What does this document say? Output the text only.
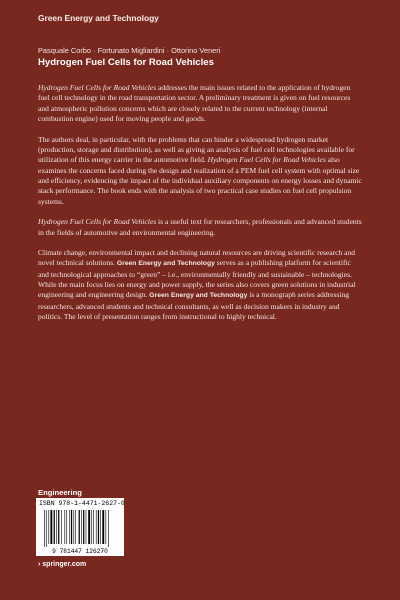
Green Energy and Technology
Pasquale Corbo · Fortunato Migliardini · Ottorino Veneri
Hydrogen Fuel Cells for Road Vehicles

Hydrogen Fuel Cells for Road Vehicles addresses the main issues related to the application of hydrogen fuel cell technology in the road transportation sector. A preliminary treatment is given on fuel resources and atmospheric pollution concerns which are closely related to the current technology (internal combustion engine) used for moving people and goods.

The authors deal, in particular, with the problems that can hinder a widespread hydrogen market (production, storage and distribution), as well as giving an analysis of fuel cell technologies available for utilization of this energy carrier in the automotive field. Hydrogen Fuel Cells for Road Vehicles also examines the concerns faced during the design and realization of a PEM fuel cell system with optimal size and efficiency, evidencing the impact of the individual auxiliary components on energy losses and dynamic stack performance. The book ends with the analysis of two practical case studies on fuel cell propulsion systems.

Hydrogen Fuel Cells for Road Vehicles is a useful text for researchers, professionals and advanced students in the fields of automotive and environmental engineering.

Climate change, environmental impact and declining natural resources are driving scientific research and novel technical solutions. Green Energy and Technology serves as a publishing platform for scientific and technological approaches to “green” – i.e., environmentally friendly and sustainable – technologies. While the main focus lies on energy and power supply, the series also covers green solutions in industrial engineering and engineering design. Green Energy and Technology is a monograph series addressing researchers, advanced students and technical consultants, as well as decision makers in industry and politics. The level of presentation ranges from instructional to highly technical.

Engineering
ISBN 978-1-4471-2627-0
9 781447 126270
› springer.com
